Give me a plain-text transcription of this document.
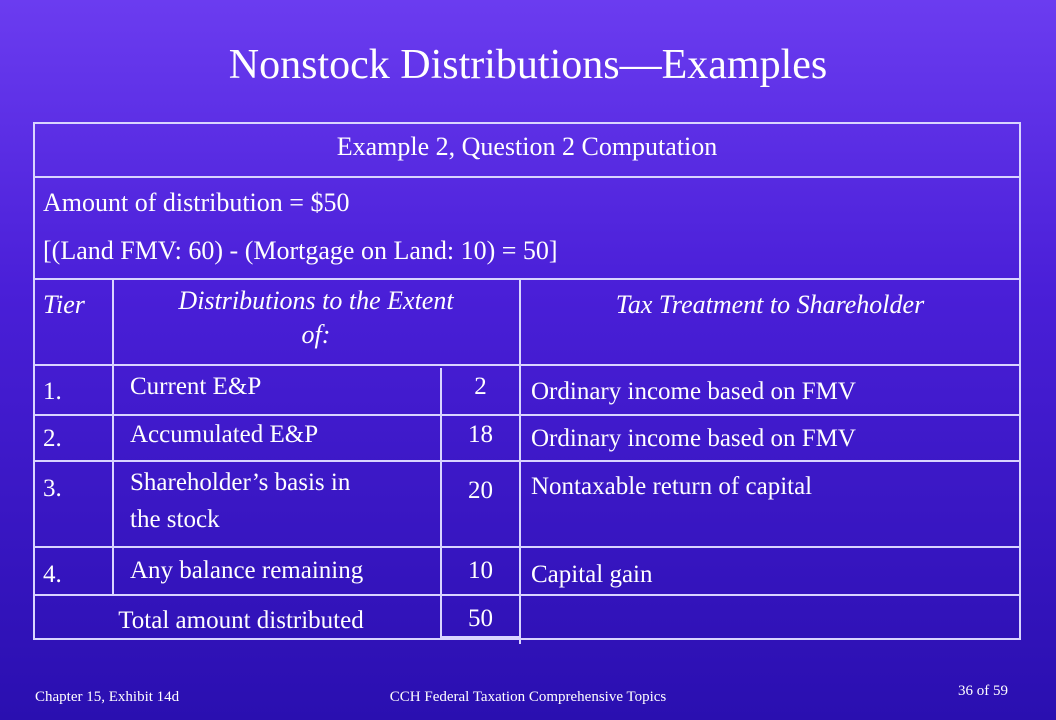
Nonstock Distributions—Examples
Example 2, Question 2 Computation
Amount of distribution = $50
[(Land FMV: 60) - (Mortgage on Land: 10) = 50]
Tier	Distributions to the Extent
of:
Tax Treatment to Shareholder
1.	Current E&P	2	Ordinary income based on FMV
2.	Accumulated E&P	18	Ordinary income based on FMV
3.	Shareholder’s basis in
the stock
20	Nontaxable return of capital
4.	Any balance remaining	10	Capital gain
Total amount distributed	50
Chapter 15, Exhibit 14d	CCH Federal Taxation Comprehensive Topics	36 of 59
